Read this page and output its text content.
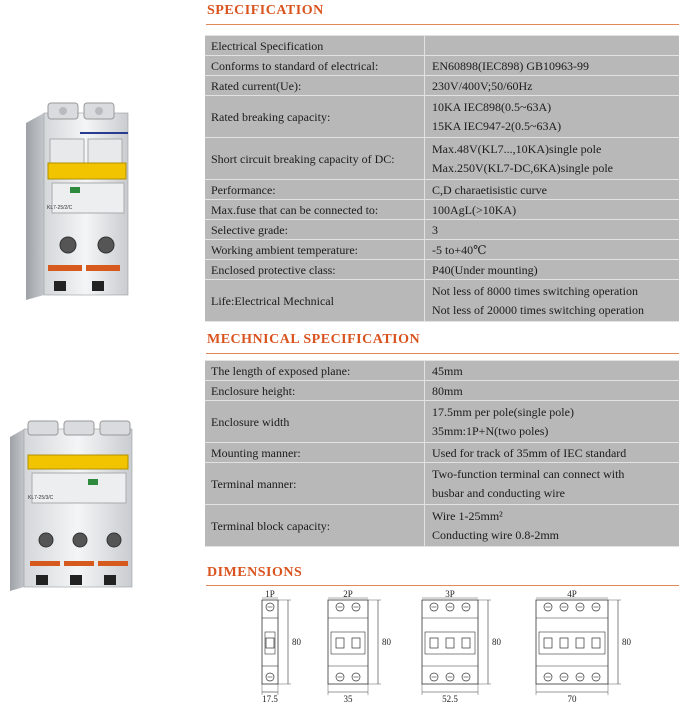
SPECIFICATION
Electrical Specification	
Conforms to standard of electrical:	EN60898(IEC898) GB10963-99

Rated current(Ue):	230V/400V;50/60Hz

Rated breaking capacity:	10KA IEC898(0.5~63A)
15KA IEC947-2(0.5~63A)

Short circuit breaking capacity of DC:	Max.48V(KL7...,10KA)single pole
Max.250V(KL7-DC,6KA)single pole

Performance:	C,D charaetisistic curve

Max.fuse that can be connected to:	100AgL(>10KA)

Selective grade:	3

Working ambient temperature:	-5 to+40℃

Enclosed protective class:	P40(Under mounting)

Life:Electrical Mechnical	Not less of 8000 times switching operation
Not less of 20000 times switching operation
MECHNICAL SPECIFICATION
The length of exposed plane:	45mm

Enclosure height:	80mm

Enclosure width	17.5mm per pole(single pole)
35mm:1P+N(two poles)

Mounting manner:	Used for track of 35mm of IEC standard

Terminal manner:	Two-function terminal can connect with
busbar and conducting wire

Terminal block capacity:	Wire 1-25mm²
Conducting wire 0.8-2mm
DIMENSIONS
KL7-25/2/C
KL7-25/3/C
80
1P
17.5
80
2P
35
80
3P
52.5
80
4P
70
